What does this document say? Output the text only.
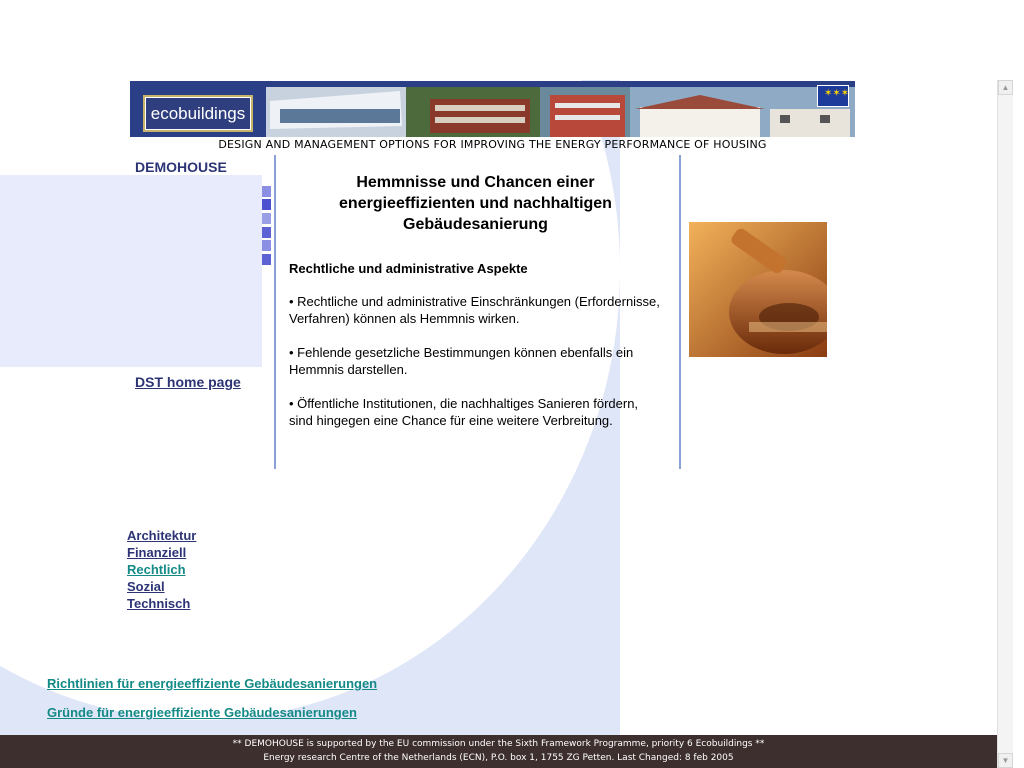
ecobuildings
✶✶✶
DESIGN AND MANAGEMENT OPTIONS FOR IMPROVING THE ENERGY PERFORMANCE OF HOUSING
DEMOHOUSE
DST home page
Hemmnisse und Chancen einer energieeffizienten und nachhaltigen Gebäudesanierung
Rechtliche und administrative Aspekte
• Rechtliche und administrative Einschränkungen (Erfordernisse, Verfahren) können als Hemmnis wirken.
• Fehlende gesetzliche Bestimmungen können ebenfalls ein Hemmnis darstellen.
• Öffentliche Institutionen, die nachhaltiges Sanieren fördern, sind hingegen eine Chance für eine weitere Verbreitung.
Architektur
Finanziell
Rechtlich
Sozial
Technisch
Richtlinien für energieeffiziente Gebäudesanierungen
Gründe für energieeffiziente Gebäudesanierungen
** DEMOHOUSE is supported by the EU commission under the Sixth Framework Programme, priority 6 Ecobuildings **
Energy research Centre of the Netherlands (ECN), P.O. box 1, 1755 ZG Petten. Last Changed: 8 feb 2005
▲
▼
